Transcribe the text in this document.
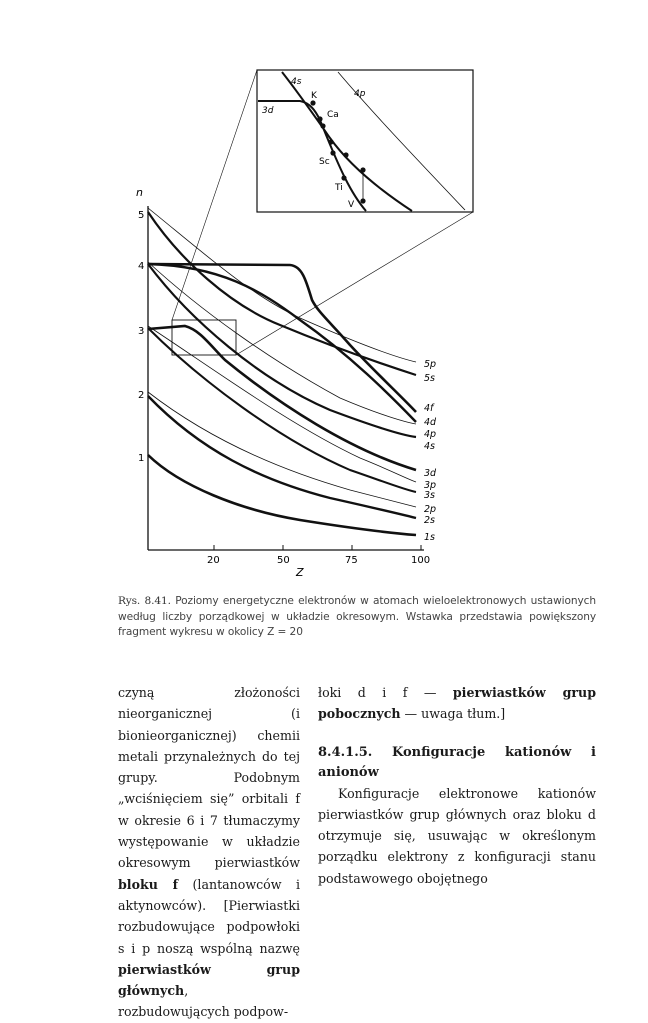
n
Z
1
2
3
4
5
20	50	75	100
5p
5s
4f
4d
4p
4s
3d
3p
3s
2p
2s
1s
4s
4p
3d
K
Ca
Sc
Ti
V
Rys. 8.41. Poziomy energetyczne elektronów w atomach wieloelektronowych ustawionych według liczby porządkowej w układzie okresowym. Wstawka przedstawia powiększony fragment wykresu w okolicy Z = 20

czyną złożoności nieorganicznej (i bionieorganicznej) chemii metali przynależnych do tej grupy. Podobnym „wciśnięciem się” orbitali f w okresie 6 i 7 tłumaczymy występowanie w układzie okresowym pierwiastków bloku f (lantanowców i aktynowców). [Pierwiastki rozbudowujące podpowłoki s i p noszą wspólną nazwę pierwiastków grup głównych, rozbudowujących podpow-

łoki d i f — pierwiastków grup pobocznych — uwaga tłum.]

8.4.1.5. Konfiguracje kationów i anionów

Konfiguracje elektronowe kationów pierwiastków grup głównych oraz bloku d otrzymuje się, usuwając w określonym porządku elektrony z konfiguracji stanu podstawowego obojętnego
